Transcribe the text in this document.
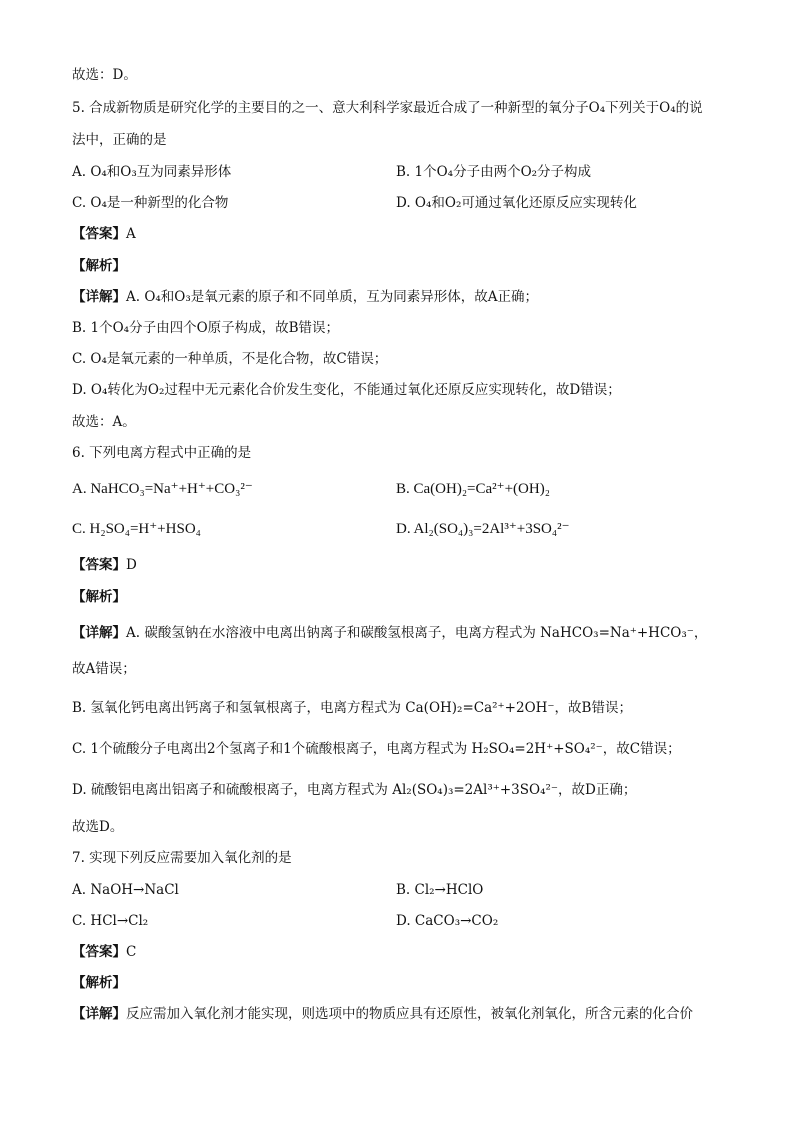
故选：D。
5. 合成新物质是研究化学的主要目的之一、意大利科学家最近合成了一种新型的氧分子O₄下列关于O₄的说
法中，正确的是
A. O₄和O₃互为同素异形体	B. 1个O₄分子由两个O₂分子构成
C. O₄是一种新型的化合物	D. O₄和O₂可通过氧化还原反应实现转化
【答案】A
【解析】
【详解】A. O₄和O₃是氧元素的原子和不同单质，互为同素异形体，故A正确；
B. 1个O₄分子由四个O原子构成，故B错误；
C. O₄是氧元素的一种单质，不是化合物，故C错误；
D. O₄转化为O₂过程中无元素化合价发生变化，不能通过氧化还原反应实现转化，故D错误；
故选：A。
6. 下列电离方程式中正确的是
A. NaHCO₃=Na⁺+H⁺+CO₃²⁻	B. Ca(OH)₂=Ca²⁺+(OH)₂
C. H₂SO₄=H⁺+HSO₄	D. Al₂(SO₄)₃=2Al³⁺+3SO₄²⁻
【答案】D
【解析】
【详解】A. 碳酸氢钠在水溶液中电离出钠离子和碳酸氢根离子，电离方程式为 NaHCO₃=Na⁺+HCO₃⁻，
故A错误；
B. 氢氧化钙电离出钙离子和氢氧根离子，电离方程式为 Ca(OH)₂=Ca²⁺+2OH⁻，故B错误；
C. 1个硫酸分子电离出2个氢离子和1个硫酸根离子，电离方程式为 H₂SO₄=2H⁺+SO₄²⁻，故C错误；
D. 硫酸铝电离出铝离子和硫酸根离子，电离方程式为 Al₂(SO₄)₃=2Al³⁺+3SO₄²⁻，故D正确；
故选D。
7. 实现下列反应需要加入氧化剂的是
A. NaOH→NaCl	B. Cl₂→HClO
C. HCl→Cl₂	D. CaCO₃→CO₂
【答案】C
【解析】
【详解】反应需加入氧化剂才能实现，则选项中的物质应具有还原性，被氧化剂氧化，所含元素的化合价
